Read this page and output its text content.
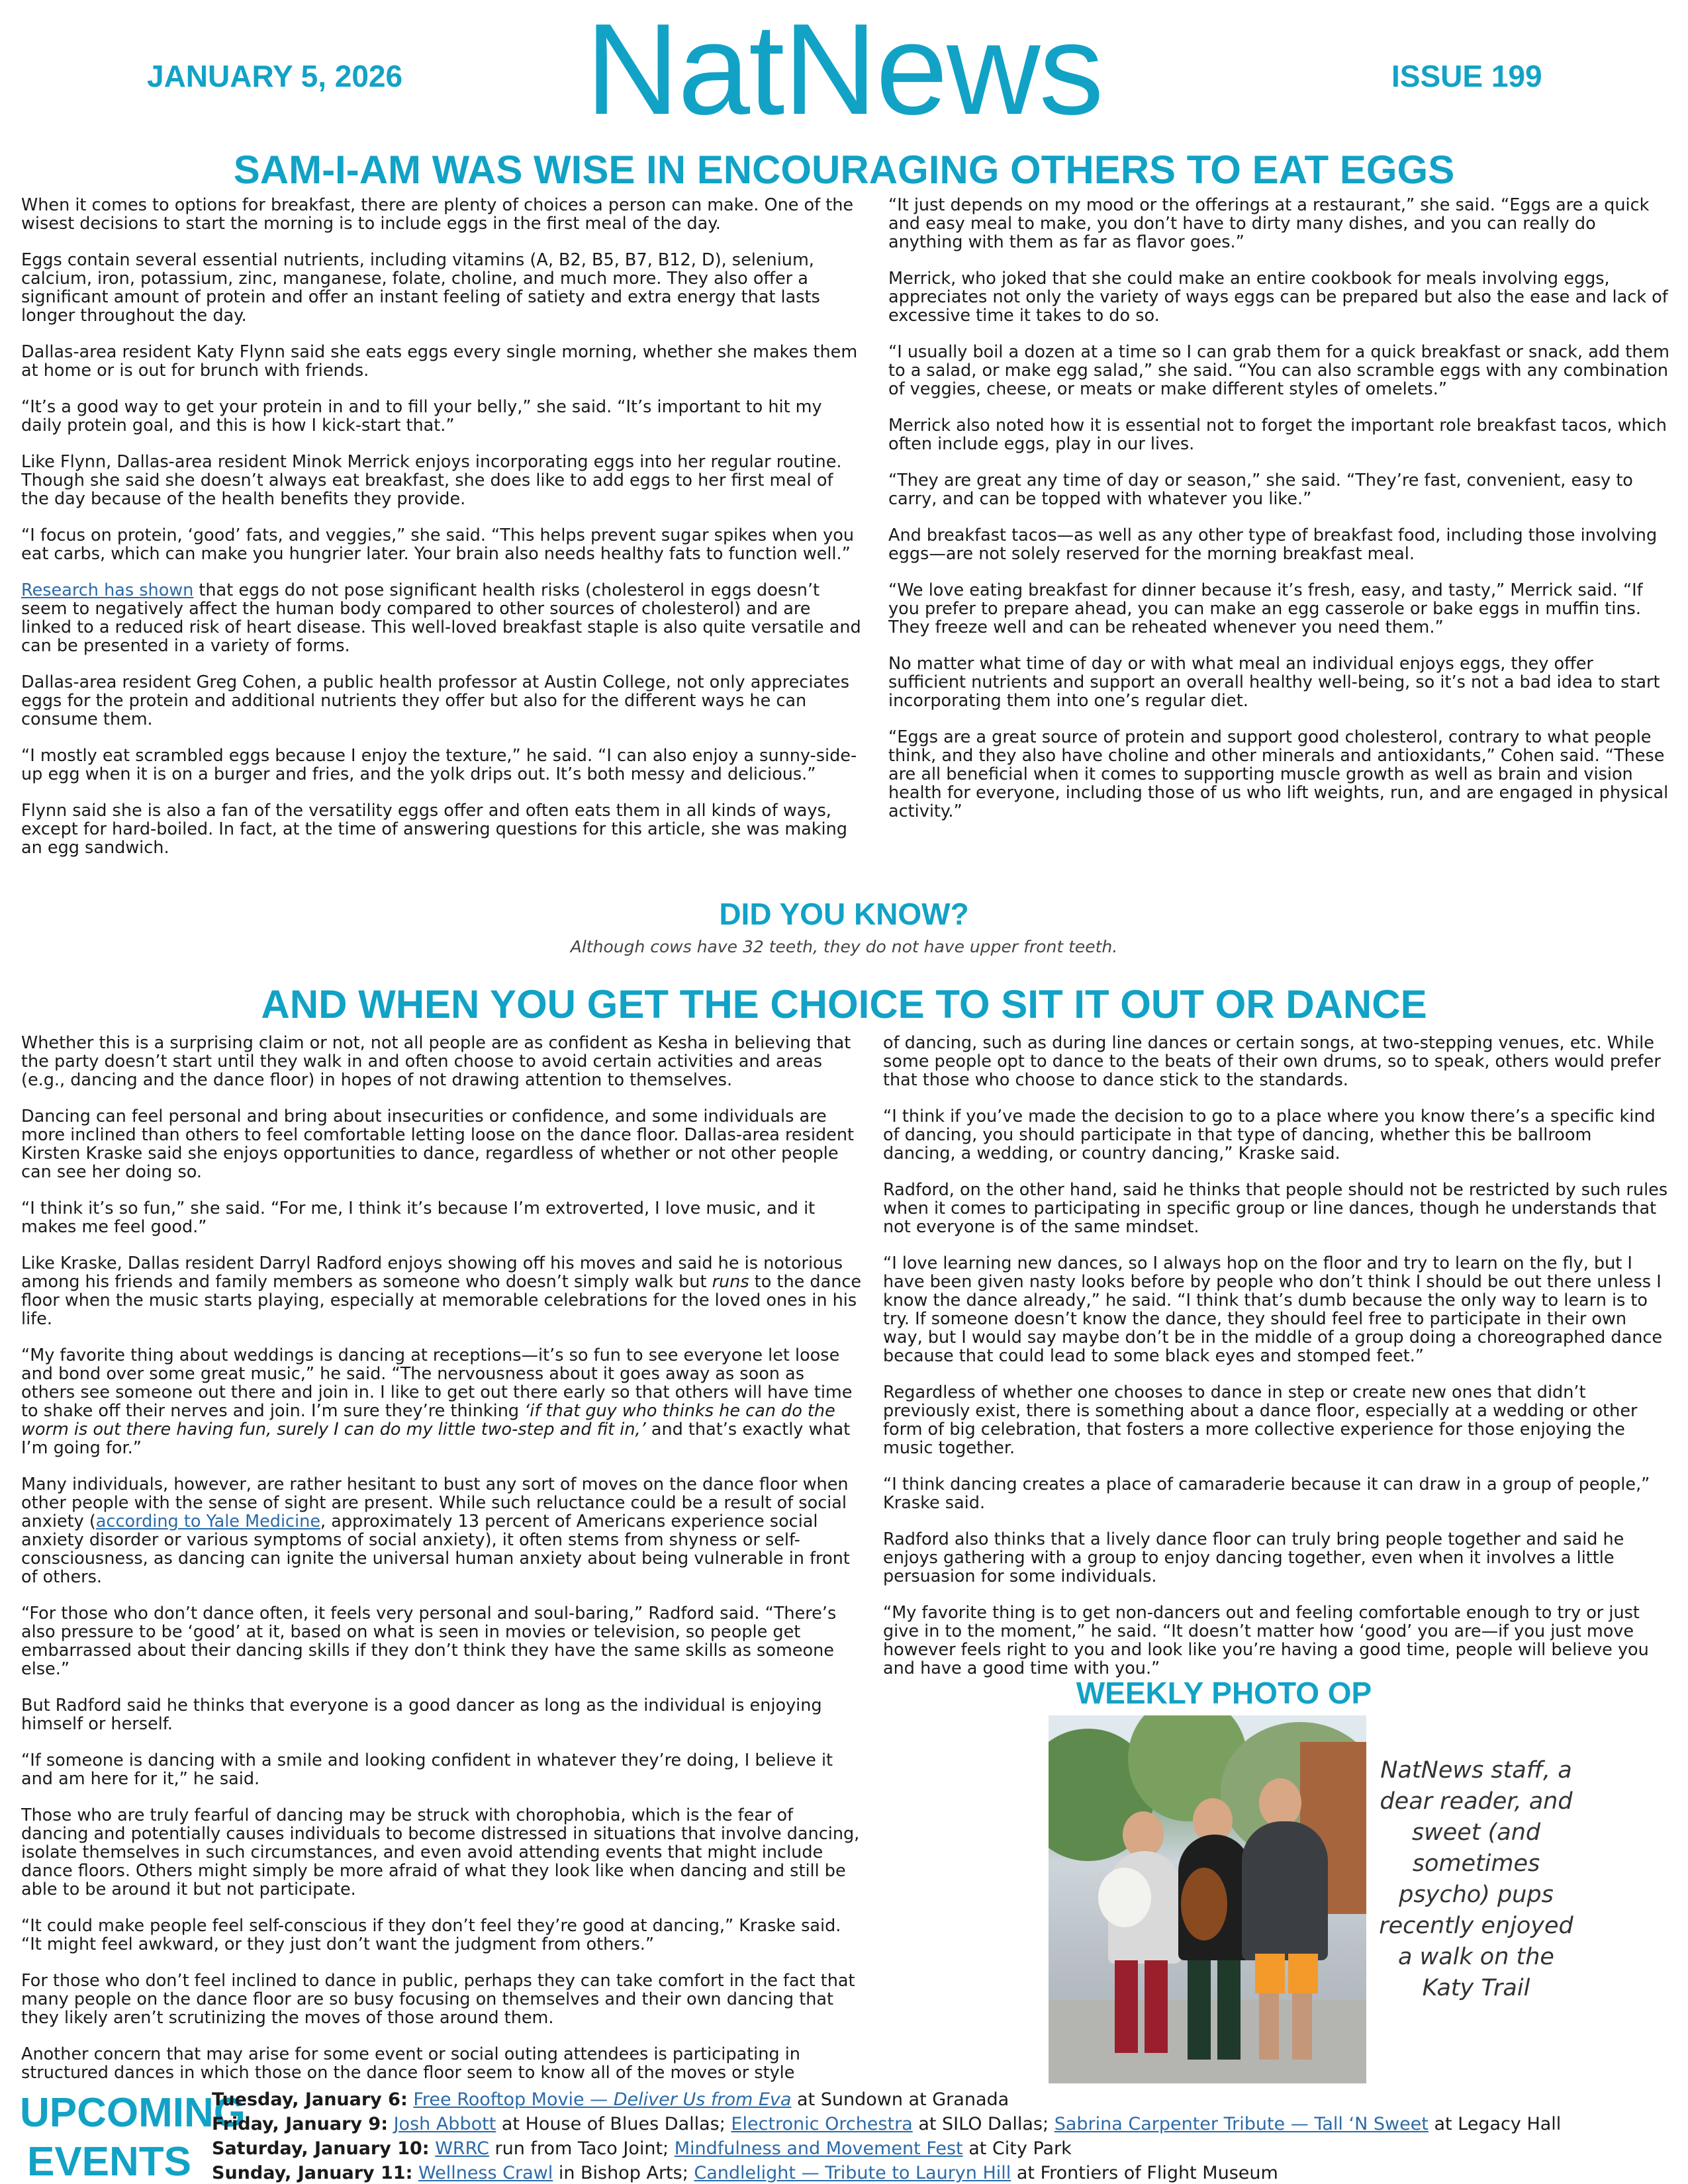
JANUARY 5, 2026	NatNews	ISSUE 199
SAM-I-AM WAS WISE IN ENCOURAGING OTHERS TO EAT EGGS

When it comes to options for breakfast, there are plenty of choices a person can make. One of the wisest decisions to start the morning is to include eggs in the first meal of the day.

Eggs contain several essential nutrients, including vitamins (A, B2, B5, B7, B12, D), selenium, calcium, iron, potassium, zinc, manganese, folate, choline, and much more. They also offer a significant amount of protein and offer an instant feeling of satiety and extra energy that lasts longer throughout the day.

Dallas-area resident Katy Flynn said she eats eggs every single morning, whether she makes them at home or is out for brunch with friends.

“It’s a good way to get your protein in and to fill your belly,” she said. “It’s important to hit my daily protein goal, and this is how I kick-start that.”

Like Flynn, Dallas-area resident Minok Merrick enjoys incorporating eggs into her regular routine. Though she said she doesn’t always eat breakfast, she does like to add eggs to her first meal of the day because of the health benefits they provide.

“I focus on protein, ‘good’ fats, and veggies,” she said. “This helps prevent sugar spikes when you eat carbs, which can make you hungrier later. Your brain also needs healthy fats to function well.”

Research has shown that eggs do not pose significant health risks (cholesterol in eggs doesn’t seem to negatively affect the human body compared to other sources of cholesterol) and are linked to a reduced risk of heart disease. This well-loved breakfast staple is also quite versatile and can be presented in a variety of forms.

Dallas-area resident Greg Cohen, a public health professor at Austin College, not only appreciates eggs for the protein and additional nutrients they offer but also for the different ways he can consume them.

“I mostly eat scrambled eggs because I enjoy the texture,” he said. “I can also enjoy a sunny-side-up egg when it is on a burger and fries, and the yolk drips out. It’s both messy and delicious.”

Flynn said she is also a fan of the versatility eggs offer and often eats them in all kinds of ways, except for hard-boiled. In fact, at the time of answering questions for this article, she was making an egg sandwich.

“It just depends on my mood or the offerings at a restaurant,” she said. “Eggs are a quick and easy meal to make, you don’t have to dirty many dishes, and you can really do anything with them as far as flavor goes.”

Merrick, who joked that she could make an entire cookbook for meals involving eggs, appreciates not only the variety of ways eggs can be prepared but also the ease and lack of excessive time it takes to do so.

“I usually boil a dozen at a time so I can grab them for a quick breakfast or snack, add them to a salad, or make egg salad,” she said. “You can also scramble eggs with any combination of veggies, cheese, or meats or make different styles of omelets.”

Merrick also noted how it is essential not to forget the important role breakfast tacos, which often include eggs, play in our lives.

“They are great any time of day or season,” she said. “They’re fast, convenient, easy to carry, and can be topped with whatever you like.”

And breakfast tacos—as well as any other type of breakfast food, including those involving eggs—are not solely reserved for the morning breakfast meal.

“We love eating breakfast for dinner because it’s fresh, easy, and tasty,” Merrick said. “If you prefer to prepare ahead, you can make an egg casserole or bake eggs in muffin tins. They freeze well and can be reheated whenever you need them.”

No matter what time of day or with what meal an individual enjoys eggs, they offer sufficient nutrients and support an overall healthy well-being, so it’s not a bad idea to start incorporating them into one’s regular diet.

“Eggs are a great source of protein and support good cholesterol, contrary to what people think, and they also have choline and other minerals and antioxidants,” Cohen said. “These are all beneficial when it comes to supporting muscle growth as well as brain and vision health for everyone, including those of us who lift weights, run, and are engaged in physical activity.”

DID YOU KNOW?
Although cows have 32 teeth, they do not have upper front teeth.
AND WHEN YOU GET THE CHOICE TO SIT IT OUT OR DANCE

Whether this is a surprising claim or not, not all people are as confident as Kesha in believing that the party doesn’t start until they walk in and often choose to avoid certain activities and areas (e.g., dancing and the dance floor) in hopes of not drawing attention to themselves.

Dancing can feel personal and bring about insecurities or confidence, and some individuals are more inclined than others to feel comfortable letting loose on the dance floor. Dallas-area resident Kirsten Kraske said she enjoys opportunities to dance, regardless of whether or not other people can see her doing so.

“I think it’s so fun,” she said. “For me, I think it’s because I’m extroverted, I love music, and it makes me feel good.”

Like Kraske, Dallas resident Darryl Radford enjoys showing off his moves and said he is notorious among his friends and family members as someone who doesn’t simply walk but runs to the dance floor when the music starts playing, especially at memorable celebrations for the loved ones in his life.

“My favorite thing about weddings is dancing at receptions—it’s so fun to see everyone let loose and bond over some great music,” he said. “The nervousness about it goes away as soon as others see someone out there and join in. I like to get out there early so that others will have time to shake off their nerves and join. I’m sure they’re thinking ‘if that guy who thinks he can do the worm is out there having fun, surely I can do my little two-step and fit in,’ and that’s exactly what I’m going for.”

Many individuals, however, are rather hesitant to bust any sort of moves on the dance floor when other people with the sense of sight are present. While such reluctance could be a result of social anxiety (according to Yale Medicine, approximately 13 percent of Americans experience social anxiety disorder or various symptoms of social anxiety), it often stems from shyness or self-consciousness, as dancing can ignite the universal human anxiety about being vulnerable in front of others.

“For those who don’t dance often, it feels very personal and soul-baring,” Radford said. “There’s also pressure to be ‘good’ at it, based on what is seen in movies or television, so people get embarrassed about their dancing skills if they don’t think they have the same skills as someone else.”

But Radford said he thinks that everyone is a good dancer as long as the individual is enjoying himself or herself.

“If someone is dancing with a smile and looking confident in whatever they’re doing, I believe it and am here for it,” he said.

Those who are truly fearful of dancing may be struck with chorophobia, which is the fear of dancing and potentially causes individuals to become distressed in situations that involve dancing, isolate themselves in such circumstances, and even avoid attending events that might include dance floors. Others might simply be more afraid of what they look like when dancing and still be able to be around it but not participate.

“It could make people feel self-conscious if they don’t feel they’re good at dancing,” Kraske said. “It might feel awkward, or they just don’t want the judgment from others.”

For those who don’t feel inclined to dance in public, perhaps they can take comfort in the fact that many people on the dance floor are so busy focusing on themselves and their own dancing that they likely aren’t scrutinizing the moves of those around them.

Another concern that may arise for some event or social outing attendees is participating in structured dances in which those on the dance floor seem to know all of the moves or style

of dancing, such as during line dances or certain songs, at two-stepping venues, etc. While some people opt to dance to the beats of their own drums, so to speak, others would prefer that those who choose to dance stick to the standards.

“I think if you’ve made the decision to go to a place where you know there’s a specific kind of dancing, you should participate in that type of dancing, whether this be ballroom dancing, a wedding, or country dancing,” Kraske said.

Radford, on the other hand, said he thinks that people should not be restricted by such rules when it comes to participating in specific group or line dances, though he understands that not everyone is of the same mindset.

“I love learning new dances, so I always hop on the floor and try to learn on the fly, but I have been given nasty looks before by people who don’t think I should be out there unless I know the dance already,” he said. “I think that’s dumb because the only way to learn is to try. If someone doesn’t know the dance, they should feel free to participate in their own way, but I would say maybe don’t be in the middle of a group doing a choreographed dance because that could lead to some black eyes and stomped feet.”

Regardless of whether one chooses to dance in step or create new ones that didn’t previously exist, there is something about a dance floor, especially at a wedding or other form of big celebration, that fosters a more collective experience for those enjoying the music together.

“I think dancing creates a place of camaraderie because it can draw in a group of people,” Kraske said.

Radford also thinks that a lively dance floor can truly bring people together and said he enjoys gathering with a group to enjoy dancing together, even when it involves a little persuasion for some individuals.

“My favorite thing is to get non-dancers out and feeling comfortable enough to try or just give in to the moment,” he said. “It doesn’t matter how ‘good’ you are—if you just move however feels right to you and look like you’re having a good time, people will believe you and have a good time with you.”

WEEKLY PHOTO OP
NatNews staff, a dear reader, and sweet (and sometimes psycho) pups recently enjoyed a walk on the Katy Trail
UPCOMING EVENTS
Tuesday, January 6: Free Rooftop Movie — Deliver Us from Eva at Sundown at Granada
Friday, January 9: Josh Abbott at House of Blues Dallas; Electronic Orchestra at SILO Dallas; Sabrina Carpenter Tribute — Tall ‘N Sweet at Legacy Hall
Saturday, January 10: WRRC run from Taco Joint; Mindfulness and Movement Fest at City Park
Sunday, January 11: Wellness Crawl in Bishop Arts; Candlelight — Tribute to Lauryn Hill at Frontiers of Flight Museum
